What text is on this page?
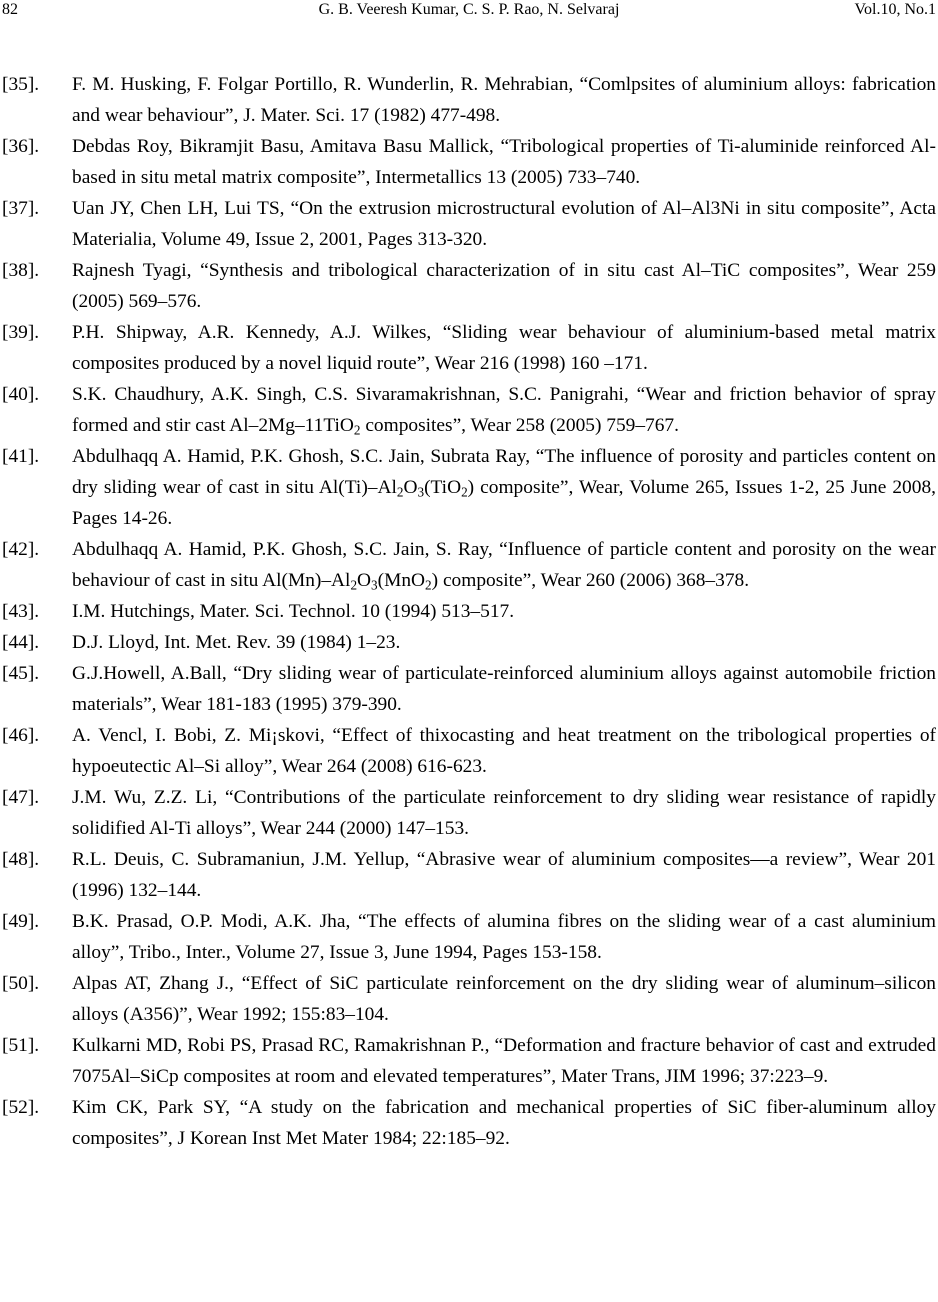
82	G. B. Veeresh Kumar, C. S. P. Rao, N. Selvaraj	Vol.10, No.1
[35]. F. M. Husking, F. Folgar Portillo, R. Wunderlin, R. Mehrabian, “Comlpsites of aluminium alloys: fabrication and wear behaviour”, J. Mater. Sci. 17 (1982) 477-498.
[36]. Debdas Roy, Bikramjit Basu, Amitava Basu Mallick, “Tribological properties of Ti-aluminide reinforced Al-based in situ metal matrix composite”, Intermetallics 13 (2005) 733–740.
[37]. Uan JY, Chen LH, Lui TS, “On the extrusion microstructural evolution of Al–Al3Ni in situ composite”, Acta Materialia, Volume 49, Issue 2, 2001, Pages 313-320.
[38]. Rajnesh Tyagi, “Synthesis and tribological characterization of in situ cast Al–TiC composites”, Wear 259 (2005) 569–576.
[39]. P.H. Shipway, A.R. Kennedy, A.J. Wilkes, “Sliding wear behaviour of aluminium-based metal matrix composites produced by a novel liquid route”, Wear 216 (1998) 160 –171.
[40]. S.K. Chaudhury, A.K. Singh, C.S. Sivaramakrishnan, S.C. Panigrahi, “Wear and friction behavior of spray formed and stir cast Al–2Mg–11TiO$_2$ composites”, Wear 258 (2005) 759–767.
[41]. Abdulhaqq A. Hamid, P.K. Ghosh, S.C. Jain, Subrata Ray, “The influence of porosity and particles content on dry sliding wear of cast in situ $Al(Ti)-Al_2O_3(TiO_2)$ composite”, Wear, Volume 265, Issues 1-2, 25 June 2008, Pages 14-26.
[42]. Abdulhaqq A. Hamid, P.K. Ghosh, S.C. Jain, S. Ray, “Influence of particle content and porosity on the wear behaviour of cast in situ $Al(Mn)-Al_2O_3(MnO_2)$ composite”, Wear 260 (2006) 368–378.
[43]. I.M. Hutchings, Mater. Sci. Technol. 10 (1994) 513–517.
[44]. D.J. Lloyd, Int. Met. Rev. 39 (1984) 1–23.
[45]. G.J.Howell, A.Ball, “Dry sliding wear of particulate-reinforced aluminium alloys against automobile friction materials”, Wear 181-183 (1995) 379-390.
[46]. A. Vencl, I. Bobi, Z. Mi¡skovi, “Effect of thixocasting and heat treatment on the tribological properties of hypoeutectic Al–Si alloy”, Wear 264 (2008) 616-623.
[47]. J.M. Wu, Z.Z. Li, “Contributions of the particulate reinforcement to dry sliding wear resistance of rapidly solidified Al-Ti alloys”, Wear 244 (2000) 147–153.
[48]. R.L. Deuis, C. Subramaniun, J.M. Yellup, “Abrasive wear of aluminium composites—a review”, Wear 201 (1996) 132–144.
[49]. B.K. Prasad, O.P. Modi, A.K. Jha, “The effects of alumina fibres on the sliding wear of a cast aluminium alloy”, Tribo., Inter., Volume 27, Issue 3, June 1994, Pages 153-158.
[50]. Alpas AT, Zhang J., “Effect of SiC particulate reinforcement on the dry sliding wear of aluminum–silicon alloys (A356)”, Wear 1992; 155:83–104.
[51]. Kulkarni MD, Robi PS, Prasad RC, Ramakrishnan P., “Deformation and fracture behavior of cast and extruded 7075Al–SiCp composites at room and elevated temperatures”, Mater Trans, JIM 1996; 37:223–9.
[52]. Kim CK, Park SY, “A study on the fabrication and mechanical properties of SiC fiber-aluminum alloy composites”, J Korean Inst Met Mater 1984; 22:185–92.
